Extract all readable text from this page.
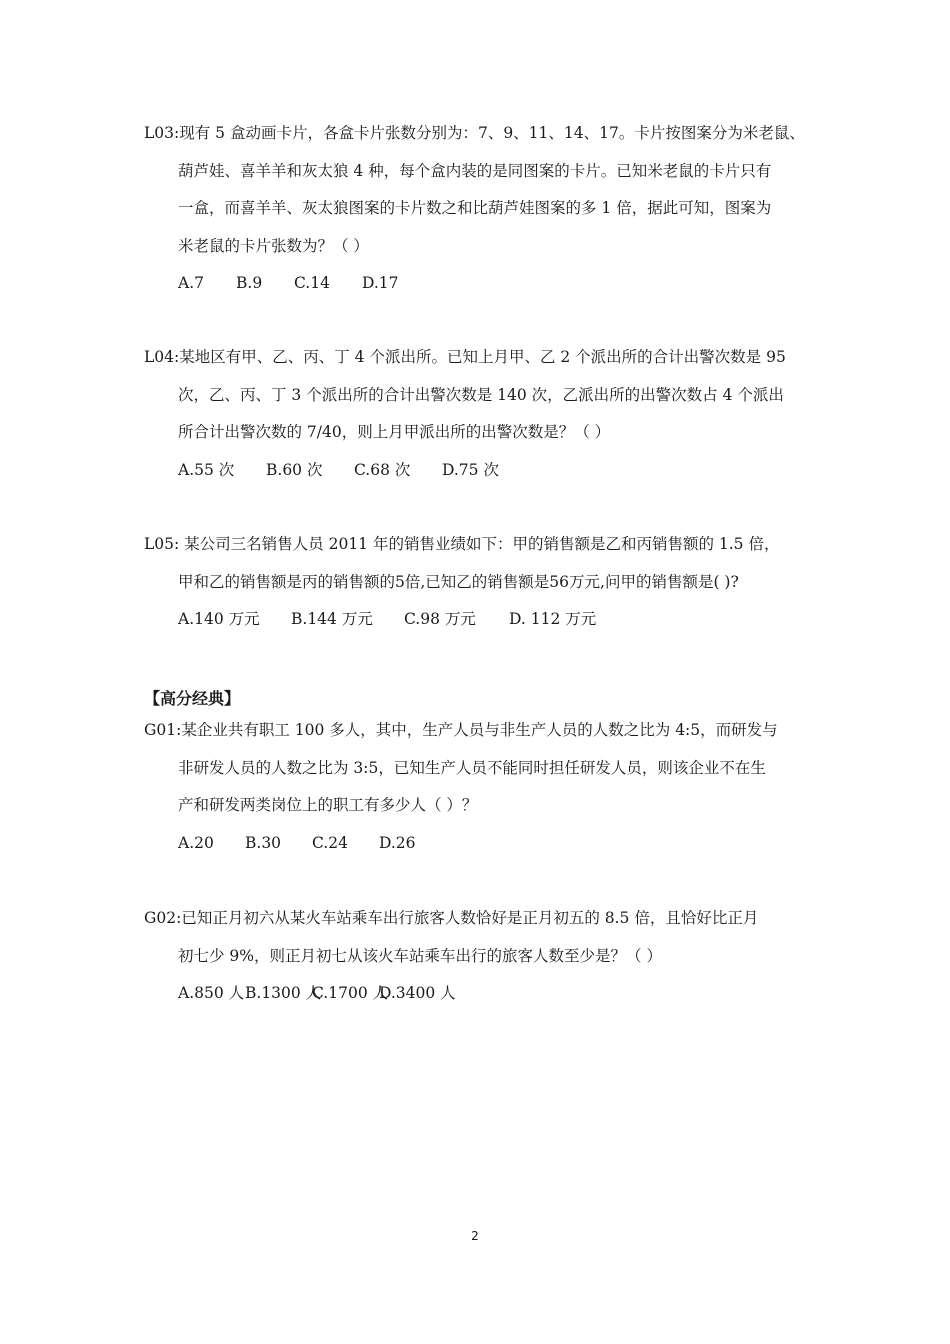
L03:现有 5 盒动画卡片，各盒卡片张数分别为：7、9、11、14、17。卡片按图案分为米老鼠、
葫芦娃、喜羊羊和灰太狼 4 种，每个盒内装的是同图案的卡片。已知米老鼠的卡片只有
一盒，而喜羊羊、灰太狼图案的卡片数之和比葫芦娃图案的多 1 倍，据此可知，图案为
米老鼠的卡片张数为？（ ）
A.7 B.9 C.14 D.17
L04:某地区有甲、乙、丙、丁 4 个派出所。已知上月甲、乙 2 个派出所的合计出警次数是 95
次，乙、丙、丁 3 个派出所的合计出警次数是 140 次，乙派出所的出警次数占 4 个派出
所合计出警次数的 7/40，则上月甲派出所的出警次数是？（ ）
A.55 次 B.60 次 C.68 次 D.75 次
L05: 某公司三名销售人员 2011 年的销售业绩如下：甲的销售额是乙和丙销售额的 1.5 倍，
甲和乙的销售额是丙的销售额的5倍,已知乙的销售额是56万元,问甲的销售额是( )?
A.140 万元 B.144 万元 C.98 万元 D. 112 万元
【高分经典】
G01:某企业共有职工 100 多人，其中，生产人员与非生产人员的人数之比为 4:5，而研发与
非研发人员的人数之比为 3:5，已知生产人员不能同时担任研发人员，则该企业不在生
产和研发两类岗位上的职工有多少人（ ）？
A.20 B.30 C.24 D.26
G02:已知正月初六从某火车站乘车出行旅客人数恰好是正月初五的 8.5 倍，且恰好比正月
初七少 9%，则正月初七从该火车站乘车出行的旅客人数至少是？（ ）
A.850 人B.1300 人C.1700 人D.3400 人
2
